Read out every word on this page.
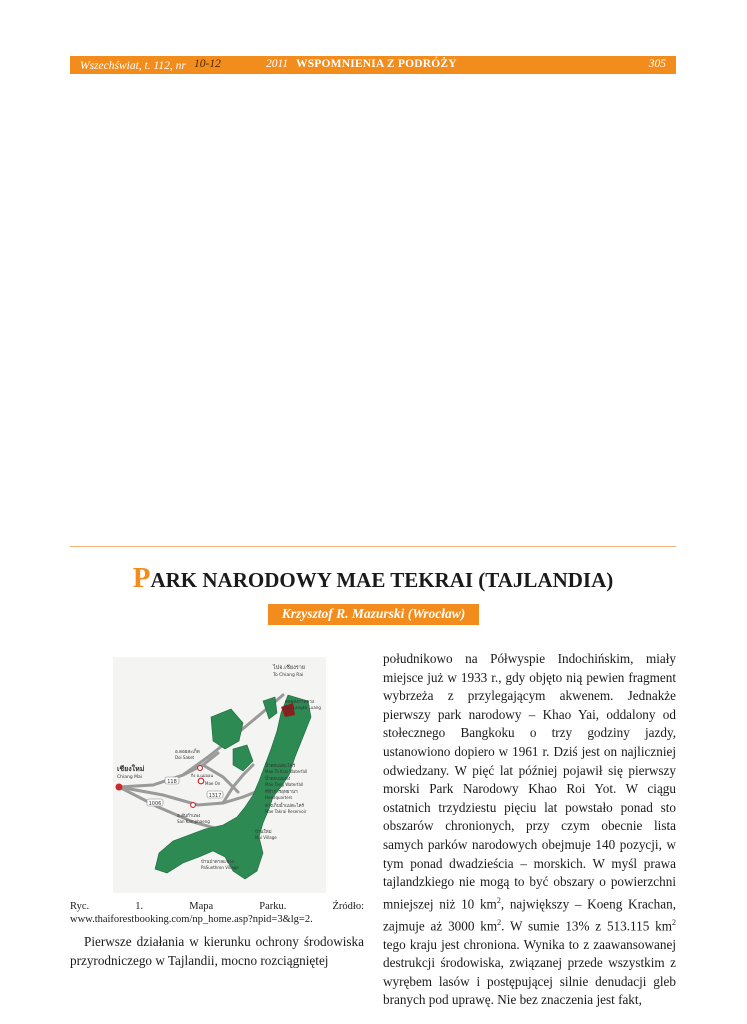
Wszechświat, t. 112, nr 10-12	2011 WSPOMNIENIA Z PODRÓŻY	305
PARK NARODOWY MAE TEKRAI (TAJLANDIA)
Krzysztof R. Mazurski (Wrocław)
118
1317
1006
ไปจ.เชียงราย
To Chiang Rai
ดอยลังกาหลวง
Doi Langka Luang
อ.ดอยสะเก็ด
Doi Saket
เชียงใหม่
Chiang Mai	กิ่ง อ.แม่ออน
Mae On
น้ำตกแม่ตะไคร้
Mae Ta Krai Waterfall
น้ำตกแม่แตง
Mae Tang Waterfall
ที่ทำการอุทยานฯ
Headquarters
อ่างเก็บน้ำแม่ตะไคร้
Mae Takrai Reservoir
อ.สันกำแพง
San Kamphaeng
บ้านใหม่
Mai Village
บ้านป่าตาลแขวง
PaSunthron Village
Ryc. 1. Mapa Parku. Źródło: www.thaiforestbooking.com/np_home.asp?npid=3&lg=2.
Pierwsze działania w kierunku ochrony środowiska przyrodniczego w Tajlandii, mocno rozciągniętej
południkowo na Półwyspie Indochińskim, miały miejsce już w 1933 r., gdy objęto nią pewien fragment wybrzeża z przylegającym akwenem. Jednakże pierwszy park narodowy – Khao Yai, oddalony od stołecznego Bangkoku o trzy godziny jazdy, ustanowiono dopiero w 1961 r. Dziś jest on najliczniej odwiedzany. W pięć lat później pojawił się pierwszy morski Park Narodowy Khao Roi Yot. W ciągu ostatnich trzydziestu pięciu lat powstało ponad sto obszarów chronionych, przy czym obecnie lista samych parków narodowych obejmuje 140 pozycji, w tym ponad dwadzieścia – morskich. W myśl prawa tajlandzkiego nie mogą to być obszary o powierzchni mniejszej niż 10 $km^2$, największy – Koeng Krachan, zajmuje aż 3000 $km^2$. W sumie 13% z 513.115 $km^2$ tego kraju jest chroniona. Wynika to z zaawansowanej destrukcji środowiska, związanej przede wszystkim z wyrębem lasów i postępującej silnie denudacji gleb branych pod uprawę. Nie bez znaczenia jest fakt,
